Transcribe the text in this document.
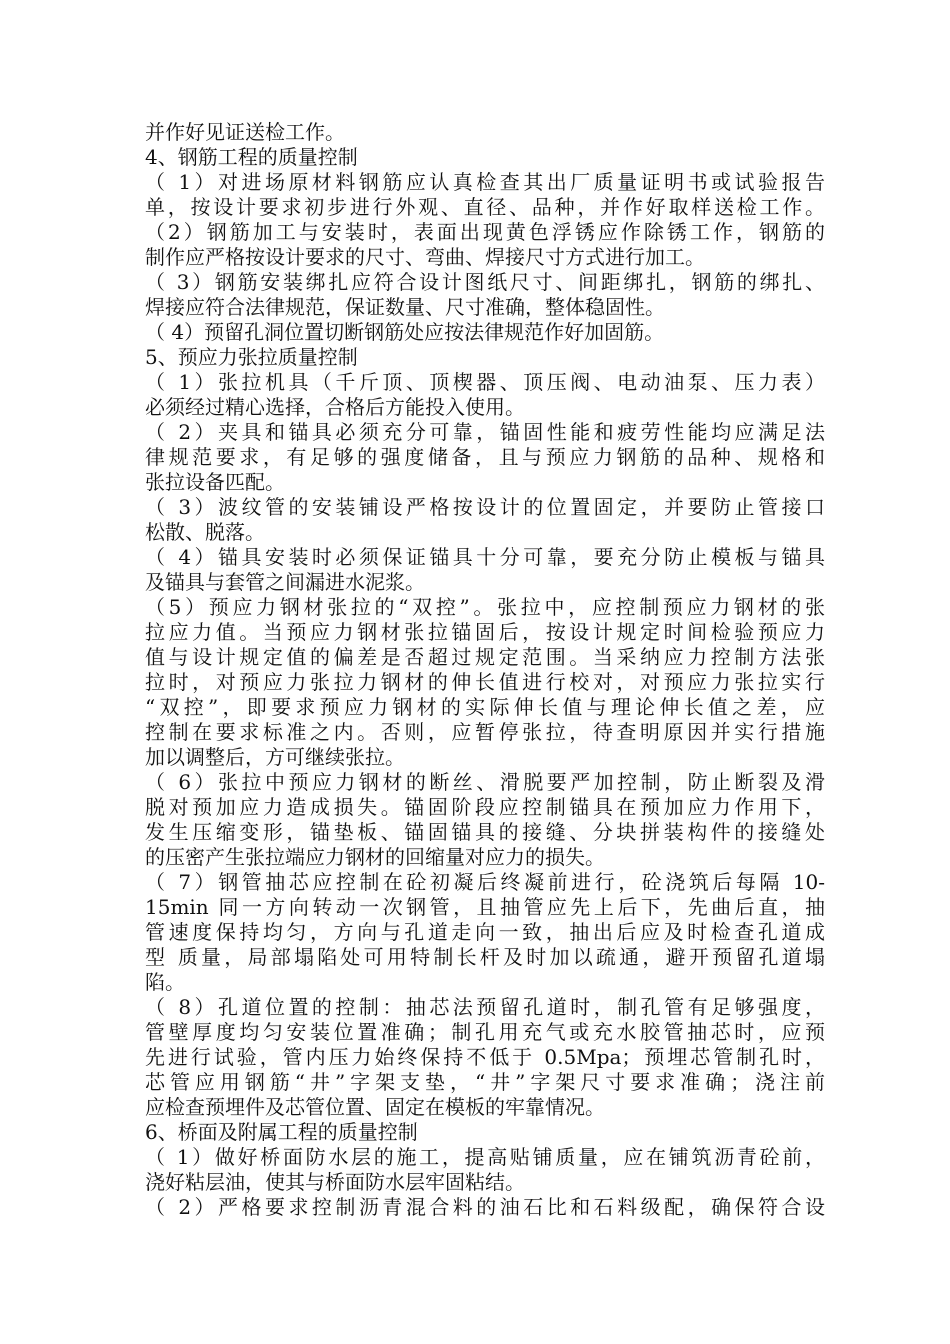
并作好见证送检工作。
4、钢筋工程的质量控制
（ 1）对进场原材料钢筋应认真检查其出厂质量证明书或试验报告
单，按设计要求初步进行外观、直径、品种，并作好取样送检工作。
（2）钢筋加工与安装时，表面出现黄色浮锈应作除锈工作，钢筋的
制作应严格按设计要求的尺寸、弯曲、焊接尺寸方式进行加工。
（ 3）钢筋安装绑扎应符合设计图纸尺寸、间距绑扎，钢筋的绑扎、
焊接应符合法律规范，保证数量、尺寸准确，整体稳固性。
（ 4）预留孔洞位置切断钢筋处应按法律规范作好加固筋。
5、预应力张拉质量控制
（ 1）张拉机具（千斤顶、顶楔器、顶压阀、电动油泵、压力表）
必须经过精心选择，合格后方能投入使用。
（ 2）夹具和锚具必须充分可靠，锚固性能和疲劳性能均应满足法
律规范要求，有足够的强度储备，且与预应力钢筋的品种、规格和
张拉设备匹配。
（ 3）波纹管的安装铺设严格按设计的位置固定，并要防止管接口
松散、脱落。
（ 4）锚具安装时必须保证锚具十分可靠，要充分防止模板与锚具
及锚具与套管之间漏进水泥浆。
（5）预应力钢材张拉的“双控”。张拉中，应控制预应力钢材的张
拉应力值。当预应力钢材张拉锚固后，按设计规定时间检验预应力
值与设计规定值的偏差是否超过规定范围。当采纳应力控制方法张
拉时，对预应力张拉力钢材的伸长值进行校对，对预应力张拉实行
“双控”，即要求预应力钢材的实际伸长值与理论伸长值之差，应
控制在要求标准之内。否则，应暂停张拉，待查明原因并实行措施
加以调整后，方可继续张拉。
（ 6）张拉中预应力钢材的断丝、滑脱要严加控制，防止断裂及滑
脱对预加应力造成损失。锚固阶段应控制锚具在预加应力作用下，
发生压缩变形，锚垫板、锚固锚具的接缝、分块拼装构件的接缝处
的压密产生张拉端应力钢材的回缩量对应力的损失。
（ 7）钢管抽芯应控制在砼初凝后终凝前进行，砼浇筑后每隔 10-
15min 同一方向转动一次钢管，且抽管应先上后下，先曲后直，抽
管速度保持均匀，方向与孔道走向一致，抽出后应及时检查孔道成
型 质量，局部塌陷处可用特制长杆及时加以疏通，避开预留孔道塌
陷。
（ 8）孔道位置的控制：抽芯法预留孔道时，制孔管有足够强度，
管壁厚度均匀安装位置准确；制孔用充气或充水胶管抽芯时，应预
先进行试验，管内压力始终保持不低于 0.5Mpa；预埋芯管制孔时，
芯管应用钢筋“井”字架支垫，“井”字架尺寸要求准确；浇注前
应检查预埋件及芯管位置、固定在模板的牢靠情况。
6、桥面及附属工程的质量控制
（ 1）做好桥面防水层的施工，提高贴铺质量，应在铺筑沥青砼前，
浇好粘层油，使其与桥面防水层牢固粘结。
（ 2）严格要求控制沥青混合料的油石比和石料级配，确保符合设
